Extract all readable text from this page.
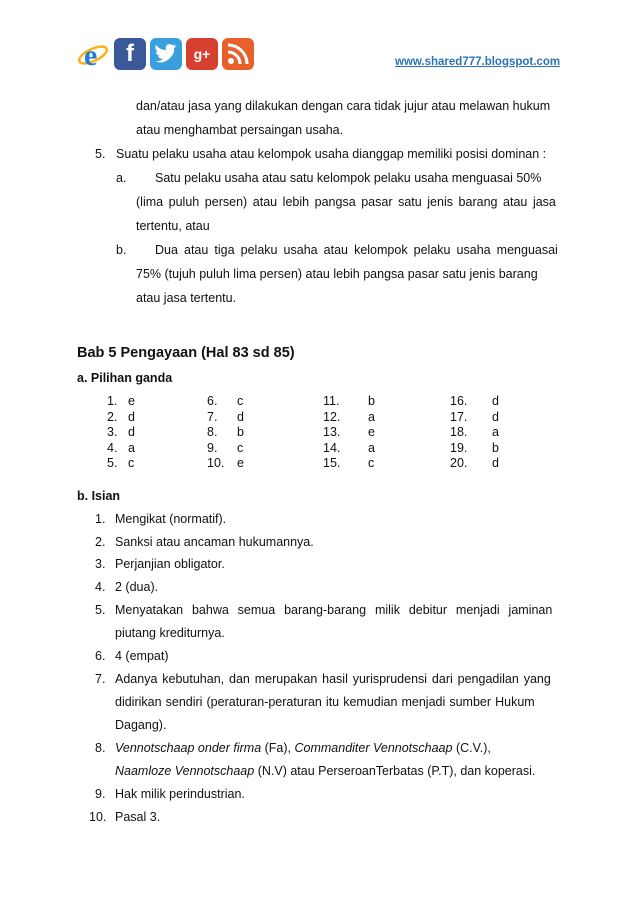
e f	g+	www.shared777.blogspot.com
dan/atau jasa yang dilakukan dengan cara tidak jujur atau melawan hukum
atau menghambat persaingan usaha.
5. Suatu pelaku usaha atau kelompok usaha dianggap memiliki posisi dominan :
a. Satu pelaku usaha atau satu kelompok pelaku usaha menguasai 50%
(lima puluh persen) atau lebih pangsa pasar satu jenis barang atau jasa
tertentu, atau
b. Dua atau tiga pelaku usaha atau kelompok pelaku usaha menguasai
75% (tujuh puluh lima persen) atau lebih pangsa pasar satu jenis barang
atau jasa tertentu.
Bab 5 Pengayaan (Hal 83 sd 85)
a. Pilihan ganda
1. e
2. d
3. d
4. a
5. c
6. c
7. d
8. b
9. c
10. e
11. b
12. a
13. e
14. a
15. c
16. d
17. d
18. a
19. b
20. d
b. Isian
1. Mengikat (normatif).
2. Sanksi atau ancaman hukumannya.
3. Perjanjian obligator.
4. 2 (dua).
5. Menyatakan bahwa semua barang-barang milik debitur menjadi jaminan
piutang krediturnya.
6. 4 (empat)
7. Adanya kebutuhan, dan merupakan hasil yurisprudensi dari pengadilan yang
didirikan sendiri (peraturan-peraturan itu kemudian menjadi sumber Hukum
Dagang).
8. Vennotschaap onder firma (Fa), Commanditer Vennotschaap (C.V.),
Naamloze Vennotschaap (N.V) atau PerseroanTerbatas (P.T), dan koperasi.
9. Hak milik perindustrian.
10. Pasal 3.
